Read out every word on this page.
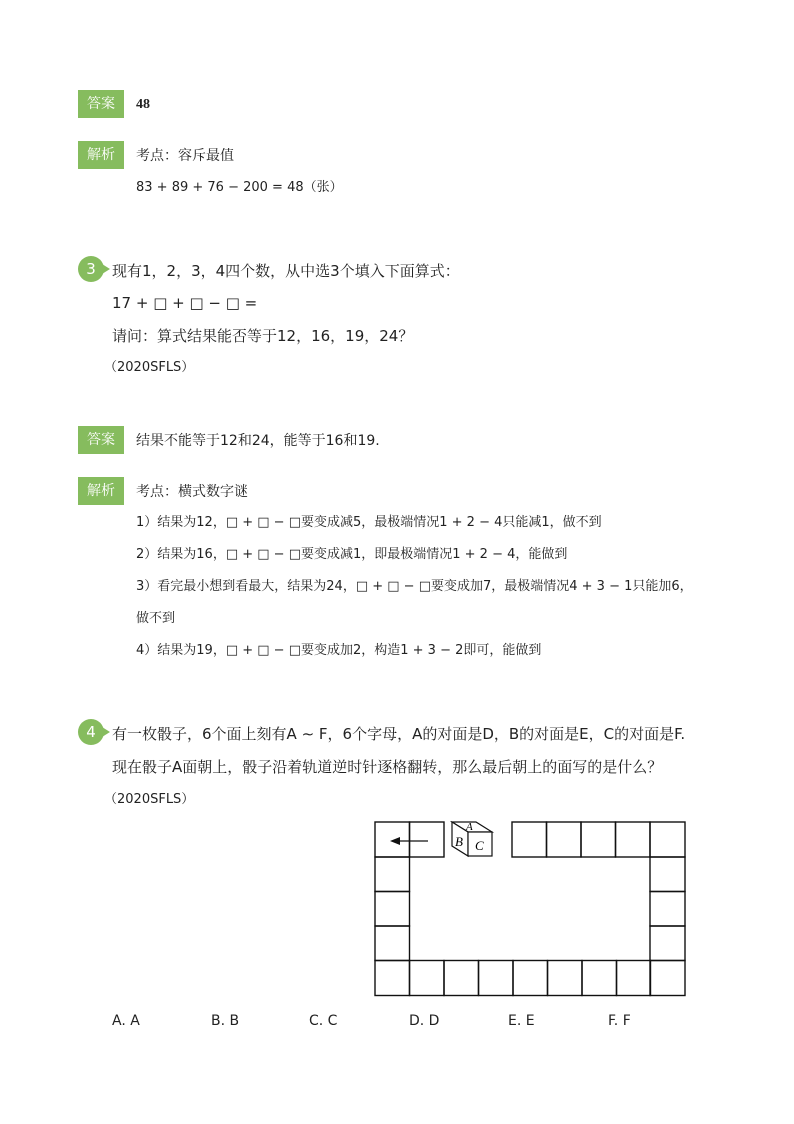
答案	48
解析	考点：容斥最值
83 + 89 + 76 − 200 = 48（张）
3	现有1，2，3，4四个数，从中选3个填入下面算式：
17 + □ + □ − □ =
请问：算式结果能否等于12，16，19，24？
（2020SFLS）
答案	结果不能等于12和24，能等于16和19.
解析	考点：横式数字谜
1）结果为12，□ + □ − □要变成减5，最极端情况1 + 2 − 4只能减1，做不到
2）结果为16，□ + □ − □要变成减1，即最极端情况1 + 2 − 4，能做到
3）看完最小想到看最大，结果为24，□ + □ − □要变成加7，最极端情况4 + 3 − 1只能加6，
做不到
4）结果为19，□ + □ − □要变成加2，构造1 + 3 − 2即可，能做到
4	有一枚骰子，6个面上刻有A ∼ F，6个字母，A的对面是D，B的对面是E，C的对面是F.
现在骰子A面朝上，骰子沿着轨道逆时针逐格翻转，那么最后朝上的面写的是什么？
（2020SFLS）
A
B C
A. A	B. B	C. C	D. D	E. E	F. F
